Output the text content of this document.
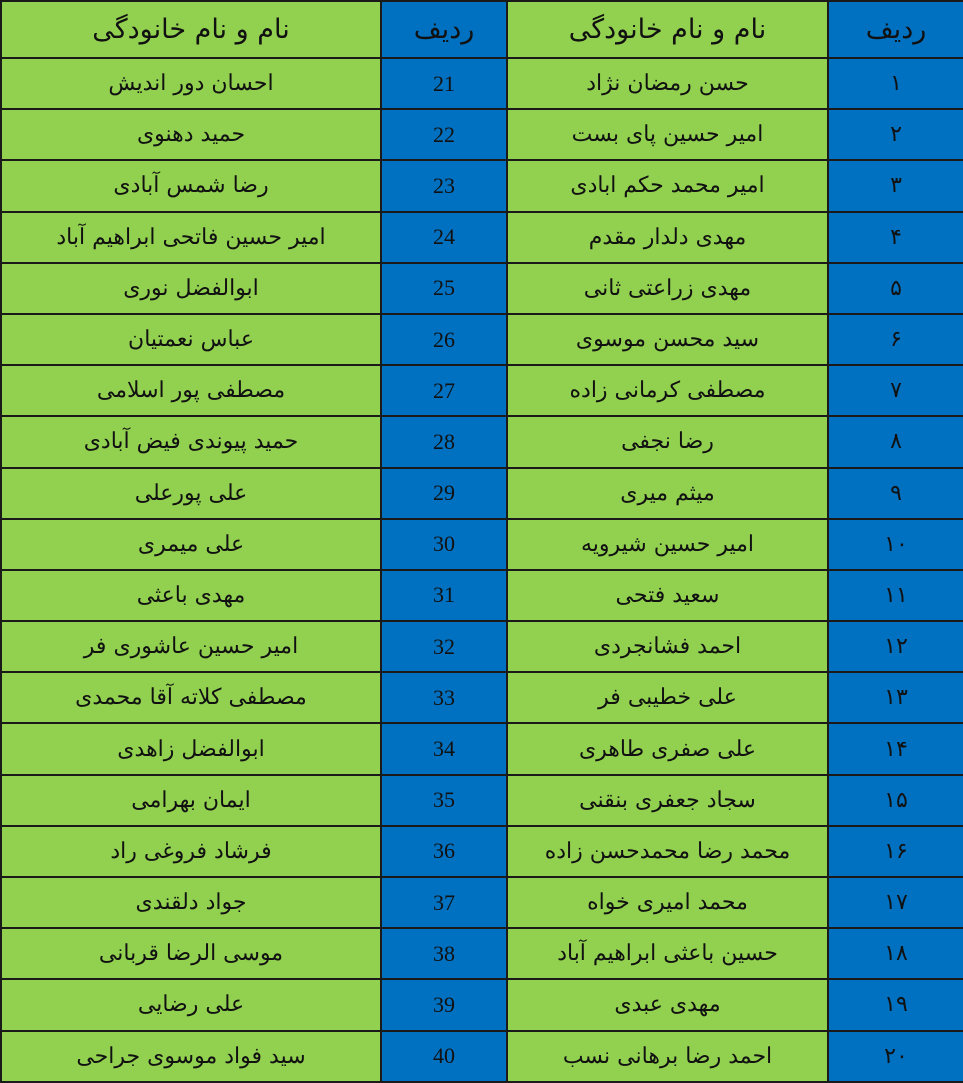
نام و نام خانودگی	ردیف	نام و نام خانودگی	ردیف
احسان دور اندیش	21	حسن رمضان نژاد	۱
حمید دهنوی	22	امیر حسین پای بست	۲
رضا شمس آبادی	23	امیر محمد حکم ابادی	۳
امیر حسین فاتحی ابراهیم آباد	24	مهدی دلدار مقدم	۴
ابوالفضل نوری	25	مهدی زراعتی ثانی	۵
عباس نعمتیان	26	سید محسن موسوی	۶
مصطفی پور اسلامی	27	مصطفی کرمانی زاده	۷
حمید پیوندی فیض آبادی	28	رضا نجفی	۸
علی پورعلی	29	میثم میری	۹
علی میمری	30	امیر حسین شیرویه	۱۰
مهدی باعثی	31	سعید فتحی	۱۱
امیر حسین عاشوری فر	32	احمد فشانجردی	۱۲
مصطفی کلاته آقا محمدی	33	علی خطیبی فر	۱۳
ابوالفضل زاهدی	34	علی صفری طاهری	۱۴
ایمان بهرامی	35	سجاد جعفری بنقنی	۱۵
فرشاد فروغی راد	36	محمد رضا محمدحسن زاده	۱۶
جواد دلقندی	37	محمد امیری خواه	۱۷
موسی الرضا قربانی	38	حسین باعثی ابراهیم آباد	۱۸
علی رضایی	39	مهدی عبدی	۱۹
سید فواد موسوی جراحی	40	احمد رضا برهانی نسب	۲۰
